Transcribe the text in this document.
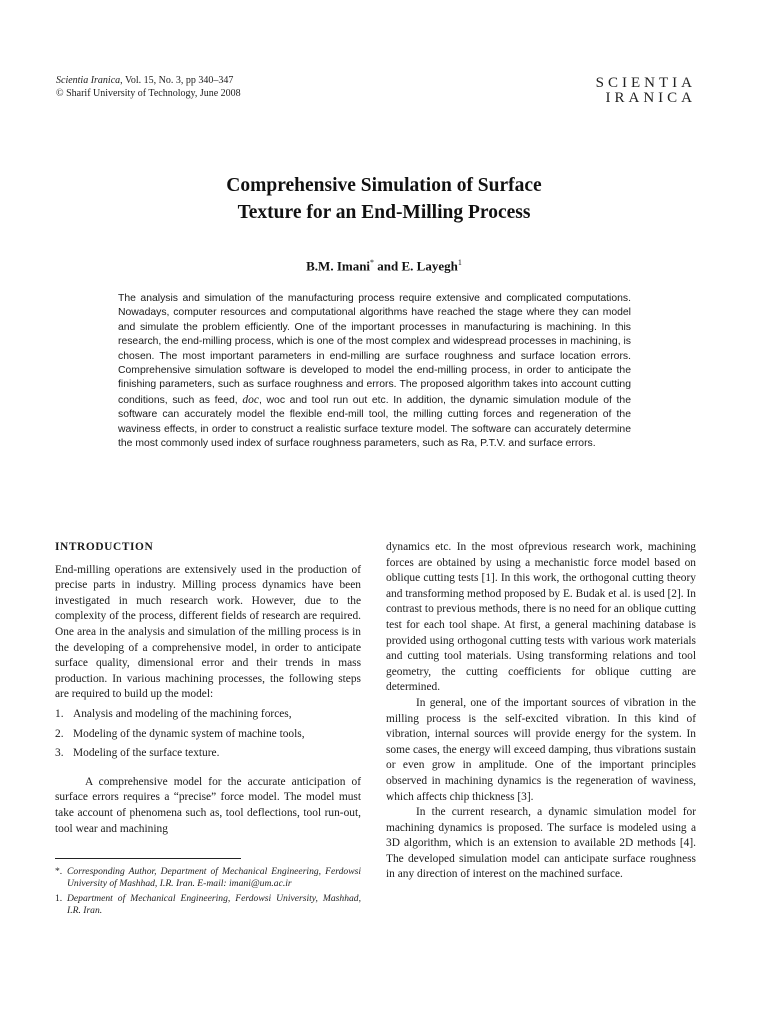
Scientia Iranica, Vol. 15, No. 3, pp 340–347
© Sharif University of Technology, June 2008
SCIENTIA
IRANICA
Comprehensive Simulation of Surface
Texture for an End-Milling Process
B.M. Imani* and E. Layegh$^1$
The analysis and simulation of the manufacturing process require extensive and complicated computations. Nowadays, computer resources and computational algorithms have reached the stage where they can model and simulate the problem efficiently. One of the important processes in manufacturing is machining. In this research, the end-milling process, which is one of the most complex and widespread processes in machining, is chosen. The most important parameters in end-milling are surface roughness and surface location errors. Comprehensive simulation software is developed to model the end-milling process, in order to anticipate the finishing parameters, such as surface roughness and errors. The proposed algorithm takes into account cutting conditions, such as feed, doc, woc and tool run out etc. In addition, the dynamic simulation module of the software can accurately model the flexible end-mill tool, the milling cutting forces and regeneration of the waviness effects, in order to construct a realistic surface texture model. The software can accurately determine the most commonly used index of surface roughness parameters, such as Ra, P.T.V. and surface errors.
INTRODUCTION

End-milling operations are extensively used in the production of precise parts in industry. Milling process dynamics have been investigated in much research work. However, due to the complexity of the process, different fields of research are required. One area in the analysis and simulation of the milling process is in the developing of a comprehensive model, in order to anticipate surface quality, dimensional error and their trends in mass production. In various machining processes, the following steps are required to build up the model:

1. Analysis and modeling of the machining forces,
2. Modeling of the dynamic system of machine tools,
3. Modeling of the surface texture.

A comprehensive model for the accurate anticipation of surface errors requires a “precise” force model. The model must take account of phenomena such as, tool deflections, tool run-out, tool wear and machining

dynamics etc. In the most ofprevious research work, machining forces are obtained by using a mechanistic force model based on oblique cutting tests [1]. In this work, the orthogonal cutting theory and transforming method proposed by E. Budak et al. is used [2]. In contrast to previous methods, there is no need for an oblique cutting test for each tool shape. At first, a general machining database is provided using orthogonal cutting tests with various work materials and cutting tool materials. Using transforming relations and tool geometry, the cutting coefficients for oblique cutting are determined.

In general, one of the important sources of vibration in the milling process is the self-excited vibration. In this kind of vibration, internal sources will provide energy for the system. In some cases, the energy will exceed damping, thus vibrations sustain or even grow in amplitude. One of the important principles observed in machining dynamics is the regeneration of waviness, which affects chip thickness [3].

In the current research, a dynamic simulation model for machining dynamics is proposed. The surface is modeled using a 3D algorithm, which is an extension to available 2D methods [4]. The developed simulation model can anticipate surface roughness in any direction of interest on the machined surface.

*. Corresponding Author, Department of Mechanical Engineering, Ferdowsi University of Mashhad, I.R. Iran. E-mail: imani@um.ac.ir
1. Department of Mechanical Engineering, Ferdowsi University, Mashhad, I.R. Iran.
